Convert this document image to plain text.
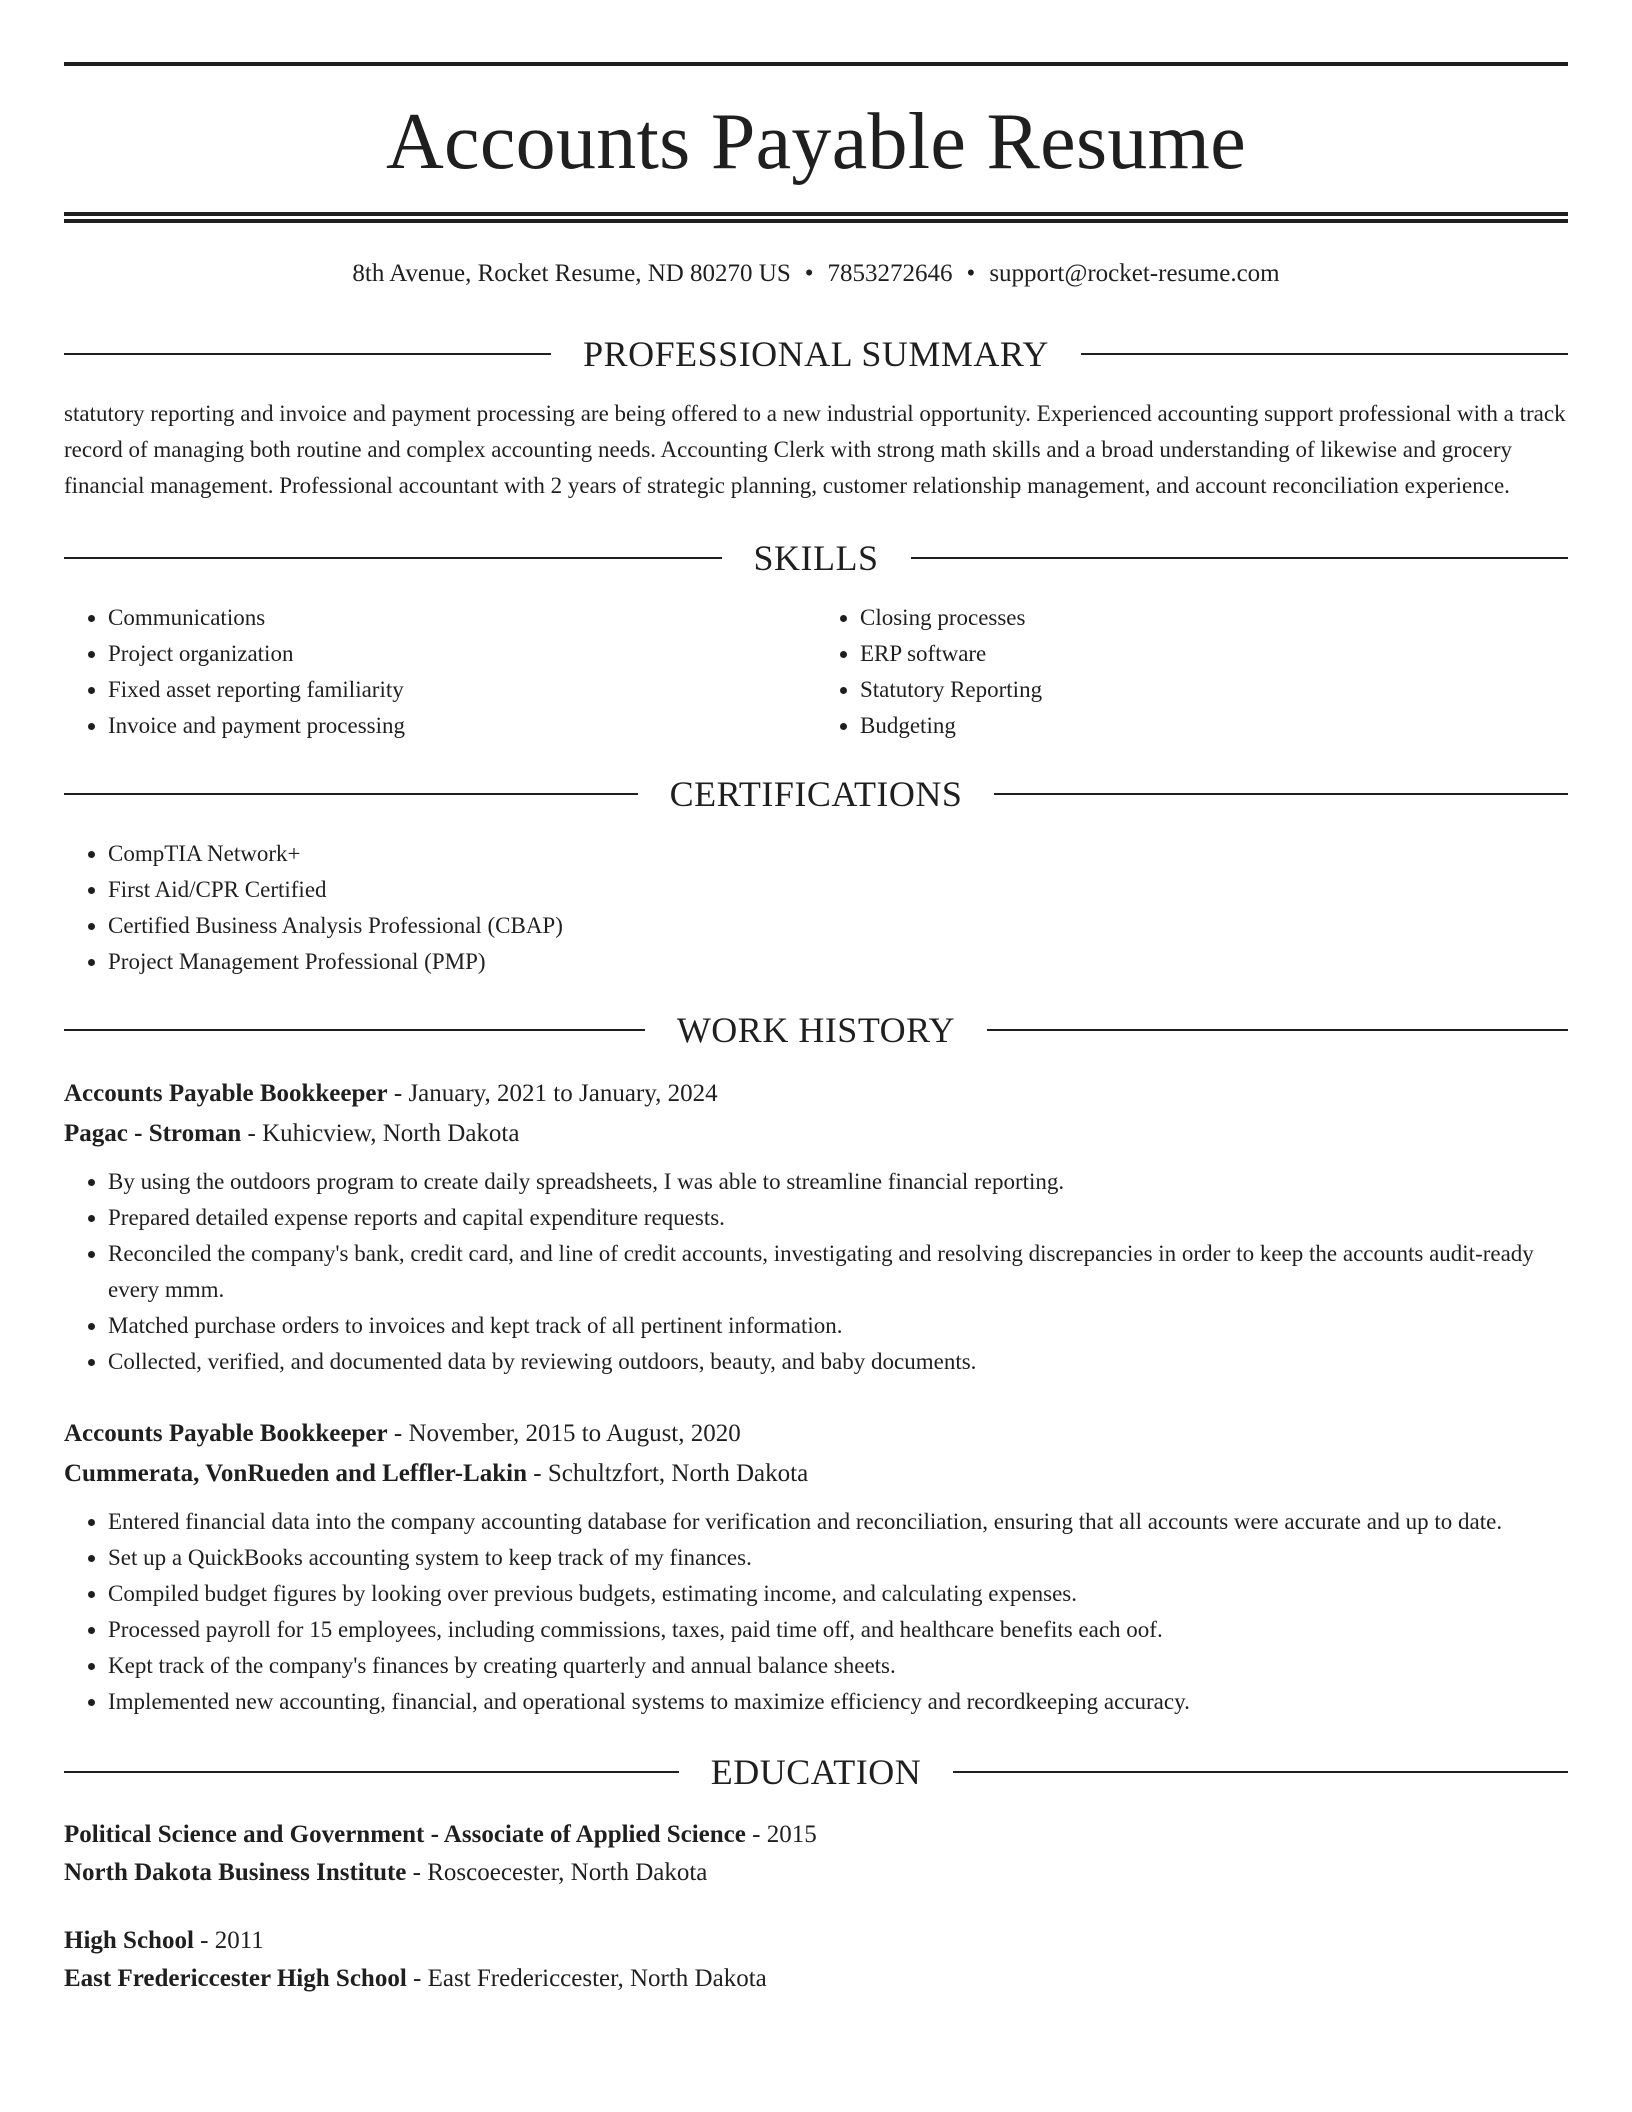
Accounts Payable Resume
8th Avenue, Rocket Resume, ND 80270 US • 7853272646 • support@rocket-resume.com
PROFESSIONAL SUMMARY
statutory reporting and invoice and payment processing are being offered to a new industrial opportunity. Experienced accounting support professional with a track record of managing both routine and complex accounting needs. Accounting Clerk with strong math skills and a broad understanding of likewise and grocery financial management. Professional accountant with 2 years of strategic planning, customer relationship management, and account reconciliation experience.
SKILLS
• Communications
• Project organization
• Fixed asset reporting familiarity
• Invoice and payment processing
• Closing processes
• ERP software
• Statutory Reporting
• Budgeting
CERTIFICATIONS
• CompTIA Network+
• First Aid/CPR Certified
• Certified Business Analysis Professional (CBAP)
• Project Management Professional (PMP)
WORK HISTORY
Accounts Payable Bookkeeper - January, 2021 to January, 2024
Pagac - Stroman - Kuhicview, North Dakota
• By using the outdoors program to create daily spreadsheets, I was able to streamline financial reporting.
• Prepared detailed expense reports and capital expenditure requests.
• Reconciled the company's bank, credit card, and line of credit accounts, investigating and resolving discrepancies in order to keep the accounts audit-ready every mmm.
• Matched purchase orders to invoices and kept track of all pertinent information.
• Collected, verified, and documented data by reviewing outdoors, beauty, and baby documents.
Accounts Payable Bookkeeper - November, 2015 to August, 2020
Cummerata, VonRueden and Leffler-Lakin - Schultzfort, North Dakota
• Entered financial data into the company accounting database for verification and reconciliation, ensuring that all accounts were accurate and up to date.
• Set up a QuickBooks accounting system to keep track of my finances.
• Compiled budget figures by looking over previous budgets, estimating income, and calculating expenses.
• Processed payroll for 15 employees, including commissions, taxes, paid time off, and healthcare benefits each oof.
• Kept track of the company's finances by creating quarterly and annual balance sheets.
• Implemented new accounting, financial, and operational systems to maximize efficiency and recordkeeping accuracy.
EDUCATION
Political Science and Government - Associate of Applied Science - 2015
North Dakota Business Institute - Roscoecester, North Dakota
High School - 2011
East Fredericcester High School - East Fredericcester, North Dakota
